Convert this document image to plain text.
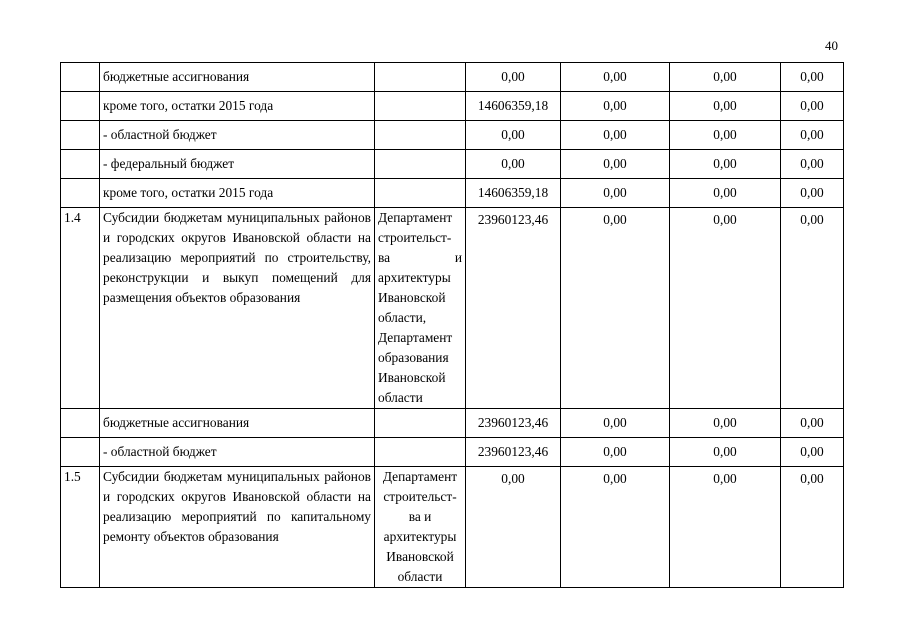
40
	бюджетные ассигнования		0,00	0,00	0,00	0,00
	кроме того, остатки 2015 года		14606359,18	0,00	0,00	0,00
	- областной бюджет		0,00	0,00	0,00	0,00
	- федеральный бюджет		0,00	0,00	0,00	0,00
	кроме того, остатки 2015 года		14606359,18	0,00	0,00	0,00
1.4	Субсидии бюджетам муниципальных районов и городских округов Ивановской области на реализацию мероприятий по строительству, реконструкции и выкуп помещений для размещения объектов образования	Департамент строительст-ва и архитектуры Ивановской области, Департамент образования Ивановской области	23960123,46	0,00	0,00	0,00
	бюджетные ассигнования		23960123,46	0,00	0,00	0,00
	- областной бюджет		23960123,46	0,00	0,00	0,00
1.5	Субсидии бюджетам муниципальных районов и городских округов Ивановской области на реализацию мероприятий по капитальному ремонту объектов образования	Департамент строительст-ва и архитектуры Ивановской области	0,00	0,00	0,00	0,00
